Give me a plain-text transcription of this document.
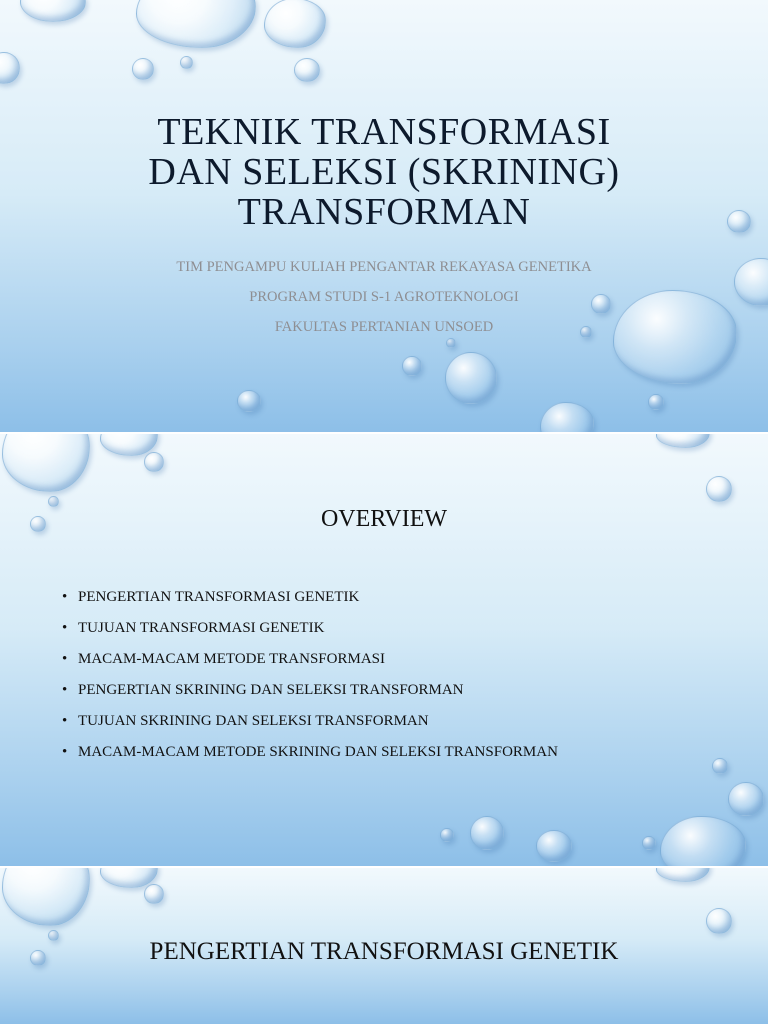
TEKNIK TRANSFORMASI
DAN SELEKSI (SKRINING)
TRANSFORMAN
TIM PENGAMPU KULIAH PENGANTAR REKAYASA GENETIKA
PROGRAM STUDI S-1 AGROTEKNOLOGI
FAKULTAS PERTANIAN UNSOED
OVERVIEW
• PENGERTIAN TRANSFORMASI GENETIK
• TUJUAN TRANSFORMASI GENETIK
• MACAM-MACAM METODE TRANSFORMASI
• PENGERTIAN SKRINING DAN SELEKSI TRANSFORMAN
• TUJUAN SKRINING DAN SELEKSI TRANSFORMAN
• MACAM-MACAM METODE SKRINING DAN SELEKSI TRANSFORMAN
PENGERTIAN TRANSFORMASI GENETIK
